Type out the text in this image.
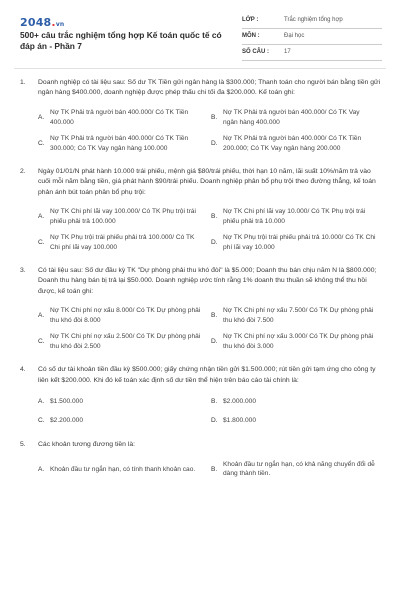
2048.vn
500+ câu trắc nghiệm tổng hợp Kế toán quốc tế có đáp án - Phần 7
LỚP :	Trắc nghiệm tổng hợp
MÔN :	Đại học
SỐ CÂU :	17
1.	Doanh nghiệp có tài liệu sau: Số dư TK Tiền gửi ngân hàng là $300.000; Thanh toán cho người bán bằng tiền gửi ngân hàng $400.000, doanh nghiệp được phép thấu chi tối đa $200.000. Kế toán ghi:
A.
Nợ TK Phải trả người bán 400.000/ Có TK Tiền 400.000
B.
Nợ TK Phải trả người bán 400.000/ Có TK Vay ngân hàng 400.000
C.
Nợ TK Phải trả người bán 400.000/ Có TK Tiền 300.000; Có TK Vay ngân hàng 100.000
D.
Nợ TK Phải trả người bán 400.000/ Có TK Tiền 200.000; Có TK Vay ngân hàng 200.000
2.	Ngày 01/01/N phát hành 10.000 trái phiếu, mệnh giá $80/trái phiếu, thời hạn 10 năm, lãi suất 10%/năm trả vào cuối mỗi năm bằng tiền, giá phát hành $90/trái phiếu. Doanh nghiệp phân bổ phụ trội theo đường thẳng, kế toán phản ánh bút toán phân bổ phụ trội:
A.
Nợ TK Chi phí lãi vay 100.000/ Có TK Phụ trội trái phiếu phải trả 100.000
B.
Nợ TK Chi phí lãi vay 10.000/ Có TK Phụ trội trái phiếu phải trả 10.000
C.
Nợ TK Phụ trội trái phiếu phải trả 100.000/ Có TK Chi phí lãi vay 100.000
D.
Nợ TK Phụ trội trái phiếu phải trả 10.000/ Có TK Chi phí lãi vay 10.000
3.	Có tài liệu sau: Số dư đầu kỳ TK "Dự phòng phải thu khó đòi" là $5.000; Doanh thu bán chịu năm N là $800.000; Doanh thu hàng bán bị trả lại $50.000. Doanh nghiệp ước tính rằng 1% doanh thu thuần sẽ không thể thu hồi được, kế toán ghi:
A.
Nợ TK Chi phí nợ xấu 8.000/ Có TK Dự phòng phải thu khó đòi 8.000
B.
Nợ TK Chi phí nợ xấu 7.500/ Có TK Dự phòng phải thu khó đòi 7.500
C.
Nợ TK Chi phí nợ xấu 2.500/ Có TK Dự phòng phải thu khó đòi 2.500
D.
Nợ TK Chi phí nợ xấu 3.000/ Có TK Dự phòng phải thu khó đòi 3.000
4.	Có số dư tài khoản tiền đầu kỳ $500.000; giấy chứng nhận tiền gửi $1.500.000; rút tiền gửi tạm ứng cho công ty liên kết $200.000. Khi đó kế toán xác định số dư tiền thể hiện trên báo cáo tài chính là:
A. $1.500.000	B. $2.000.000
C. $2.200.000	D. $1.800.000
5.	Các khoản tương đương tiền là:
A. Khoản đầu tư ngắn hạn, có tính thanh khoản cao.	B.
Khoản đầu tư ngắn hạn, có khả năng chuyển đổi dễ dàng thành tiền.
